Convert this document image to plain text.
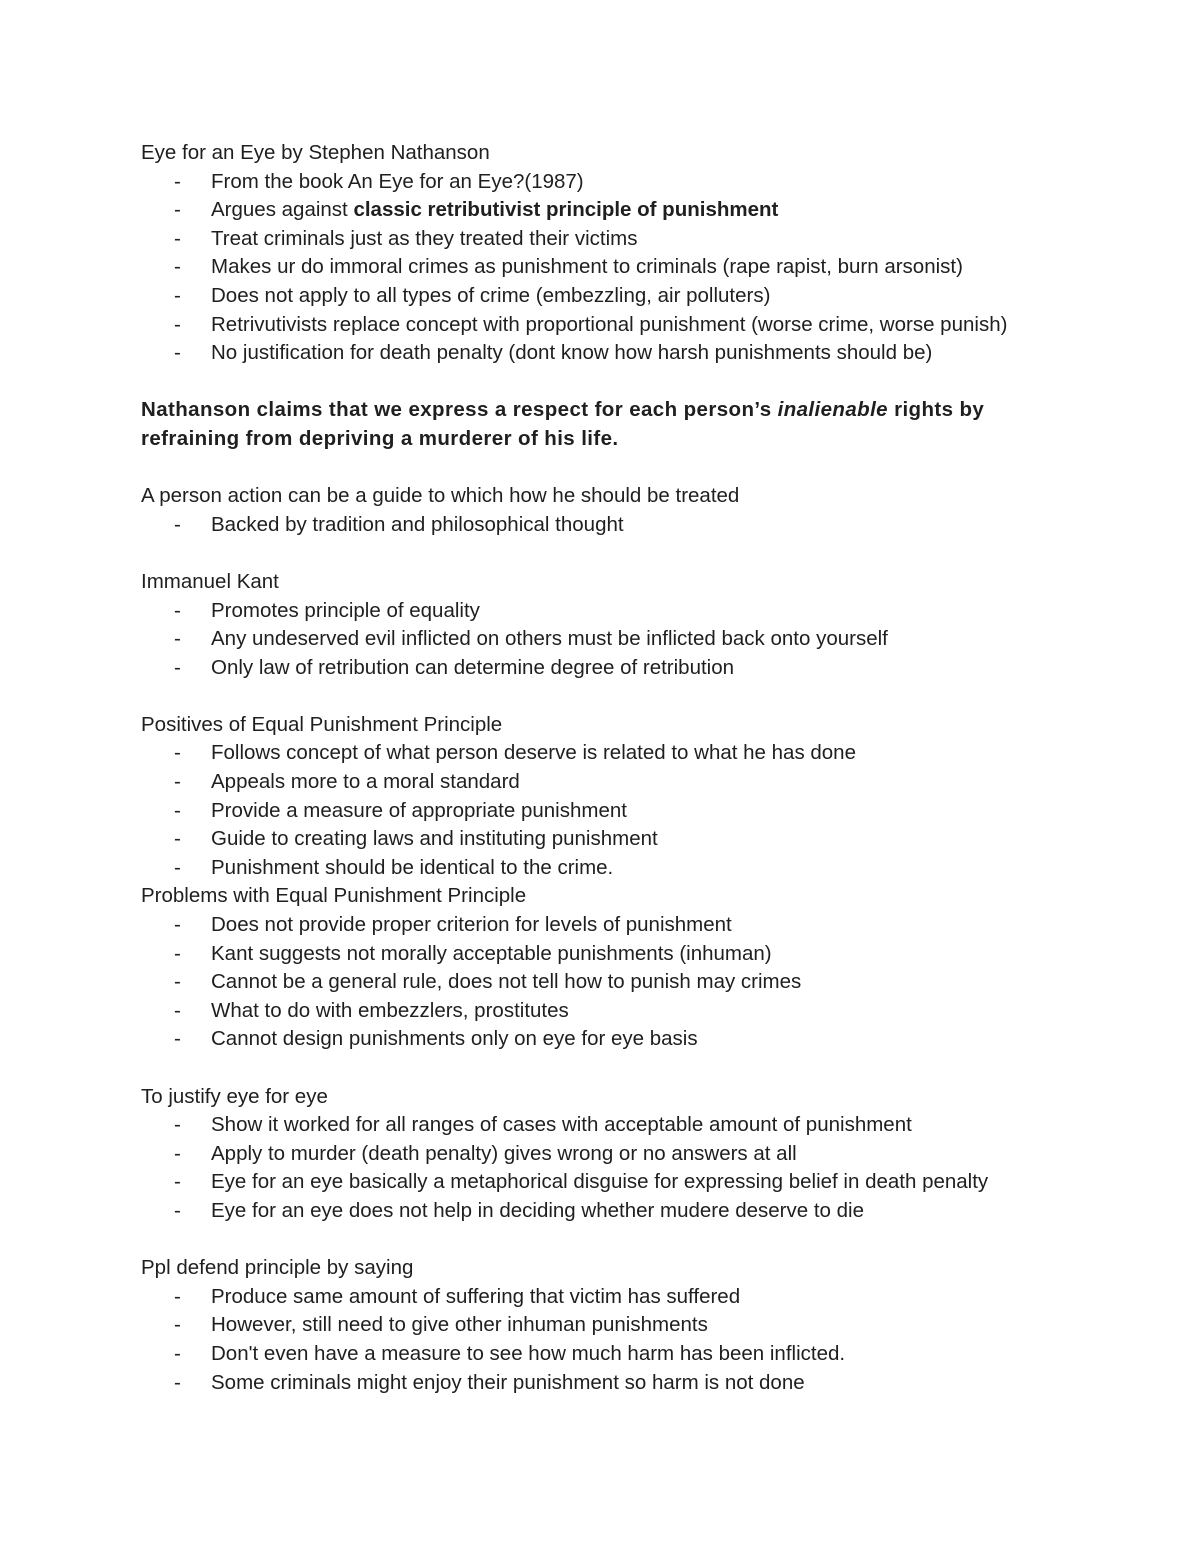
Eye for an Eye by Stephen Nathanson
- From the book An Eye for an Eye?(1987)
- Argues against classic retributivist principle of punishment
- Treat criminals just as they treated their victims
- Makes ur do immoral crimes as punishment to criminals (rape rapist, burn arsonist)
- Does not apply to all types of crime (embezzling, air polluters)
- Retrivutivists replace concept with proportional punishment (worse crime, worse punish)
- No justification for death penalty (dont know how harsh punishments should be)
Nathanson claims that we express a respect for each person’s inalienable rights by
refraining from depriving a murderer of his life.
A person action can be a guide to which how he should be treated
- Backed by tradition and philosophical thought
Immanuel Kant
- Promotes principle of equality
- Any undeserved evil inflicted on others must be inflicted back onto yourself
- Only law of retribution can determine degree of retribution
Positives of Equal Punishment Principle
- Follows concept of what person deserve is related to what he has done
- Appeals more to a moral standard
- Provide a measure of appropriate punishment
- Guide to creating laws and instituting punishment
- Punishment should be identical to the crime.
Problems with Equal Punishment Principle
- Does not provide proper criterion for levels of punishment
- Kant suggests not morally acceptable punishments (inhuman)
- Cannot be a general rule, does not tell how to punish may crimes
- What to do with embezzlers, prostitutes
- Cannot design punishments only on eye for eye basis
To justify eye for eye
- Show it worked for all ranges of cases with acceptable amount of punishment
- Apply to murder (death penalty) gives wrong or no answers at all
- Eye for an eye basically a metaphorical disguise for expressing belief in death penalty
- Eye for an eye does not help in deciding whether mudere deserve to die
Ppl defend principle by saying
- Produce same amount of suffering that victim has suffered
- However, still need to give other inhuman punishments
- Don't even have a measure to see how much harm has been inflicted.
- Some criminals might enjoy their punishment so harm is not done
